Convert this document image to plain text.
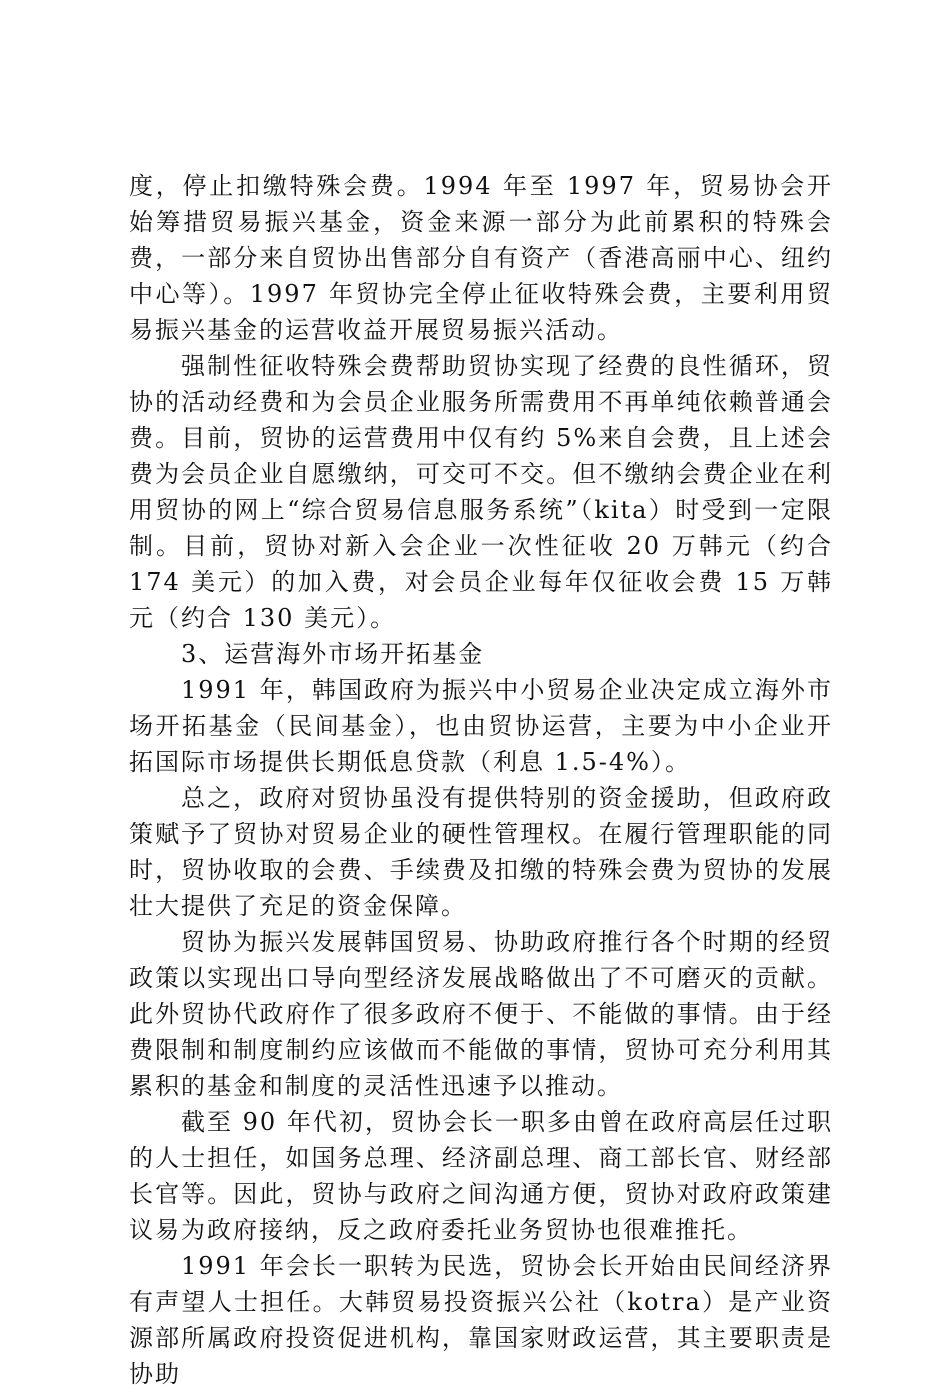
度，停止扣缴特殊会费。1994 年至 1997 年，贸易协会开始筹措贸易振兴基金，资金来源一部分为此前累积的特殊会费，一部分来自贸协出售部分自有资产（香港高丽中心、纽约中心等）。1997 年贸协完全停止征收特殊会费，主要利用贸易振兴基金的运营收益开展贸易振兴活动。

强制性征收特殊会费帮助贸协实现了经费的良性循环，贸协的活动经费和为会员企业服务所需费用不再单纯依赖普通会费。目前，贸协的运营费用中仅有约 5%来自会费，且上述会费为会员企业自愿缴纳，可交可不交。但不缴纳会费企业在利用贸协的网上“综合贸易信息服务系统”（kita）时受到一定限制。目前，贸协对新入会企业一次性征收 20 万韩元（约合 174 美元）的加入费，对会员企业每年仅征收会费 15 万韩元（约合 130 美元）。

3、运营海外市场开拓基金

1991 年，韩国政府为振兴中小贸易企业决定成立海外市场开拓基金（民间基金），也由贸协运营，主要为中小企业开拓国际市场提供长期低息贷款（利息 1.5-4%）。

总之，政府对贸协虽没有提供特别的资金援助，但政府政策赋予了贸协对贸易企业的硬性管理权。在履行管理职能的同时，贸协收取的会费、手续费及扣缴的特殊会费为贸协的发展壮大提供了充足的资金保障。

贸协为振兴发展韩国贸易、协助政府推行各个时期的经贸政策以实现出口导向型经济发展战略做出了不可磨灭的贡献。此外贸协代政府作了很多政府不便于、不能做的事情。由于经费限制和制度制约应该做而不能做的事情，贸协可充分利用其累积的基金和制度的灵活性迅速予以推动。

截至 90 年代初，贸协会长一职多由曾在政府高层任过职的人士担任，如国务总理、经济副总理、商工部长官、财经部长官等。因此，贸协与政府之间沟通方便，贸协对政府政策建议易为政府接纳，反之政府委托业务贸协也很难推托。

1991 年会长一职转为民选，贸协会长开始由民间经济界有声望人士担任。大韩贸易投资振兴公社（kotra）是产业资源部所属政府投资促进机构，靠国家财政运营，其主要职责是协助
